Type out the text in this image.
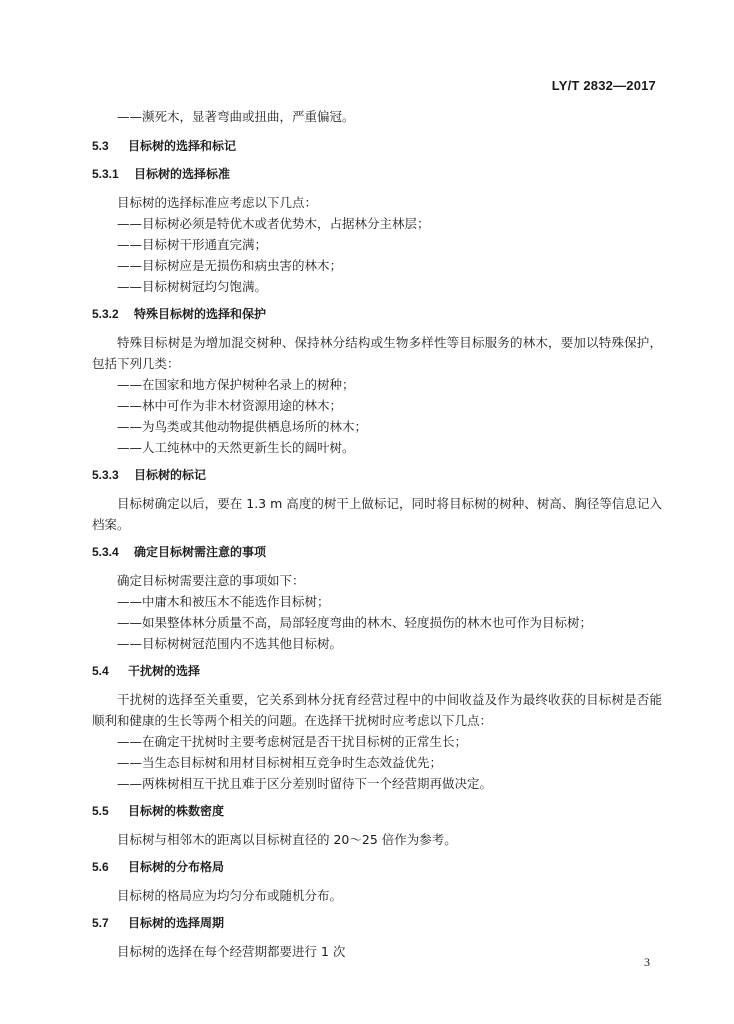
LY/T 2832—2017
——濒死木，显著弯曲或扭曲，严重偏冠。
5.3 目标树的选择和标记
5.3.1 目标树的选择标准
目标树的选择标准应考虑以下几点：
——目标树必须是特优木或者优势木，占据林分主林层；
——目标树干形通直完满；
——目标树应是无损伤和病虫害的林木；
——目标树树冠均匀饱满。
5.3.2 特殊目标树的选择和保护

特殊目标树是为增加混交树种、保持林分结构或生物多样性等目标服务的林木，要加以特殊保护，包括下列几类：

——在国家和地方保护树种名录上的树种；
——林中可作为非木材资源用途的林木；
——为鸟类或其他动物提供栖息场所的林木；
——人工纯林中的天然更新生长的阔叶树。
5.3.3 目标树的标记

目标树确定以后，要在 1.3 m 高度的树干上做标记，同时将目标树的树种、树高、胸径等信息记入档案。

5.3.4 确定目标树需注意的事项
确定目标树需要注意的事项如下：
——中庸木和被压木不能选作目标树；
——如果整体林分质量不高，局部轻度弯曲的林木、轻度损伤的林木也可作为目标树；
——目标树树冠范围内不选其他目标树。
5.4 干扰树的选择

干扰树的选择至关重要，它关系到林分抚育经营过程中的中间收益及作为最终收获的目标树是否能顺利和健康的生长等两个相关的问题。在选择干扰树时应考虑以下几点：

——在确定干扰树时主要考虑树冠是否干扰目标树的正常生长；
——当生态目标树和用材目标树相互竞争时生态效益优先；
——两株树相互干扰且难于区分差别时留待下一个经营期再做决定。
5.5 目标树的株数密度

目标树与相邻木的距离以目标树直径的 20～25 倍作为参考。

5.6 目标树的分布格局

目标树的格局应为均匀分布或随机分布。

5.7 目标树的选择周期

目标树的选择在每个经营期都要进行 1 次

3
